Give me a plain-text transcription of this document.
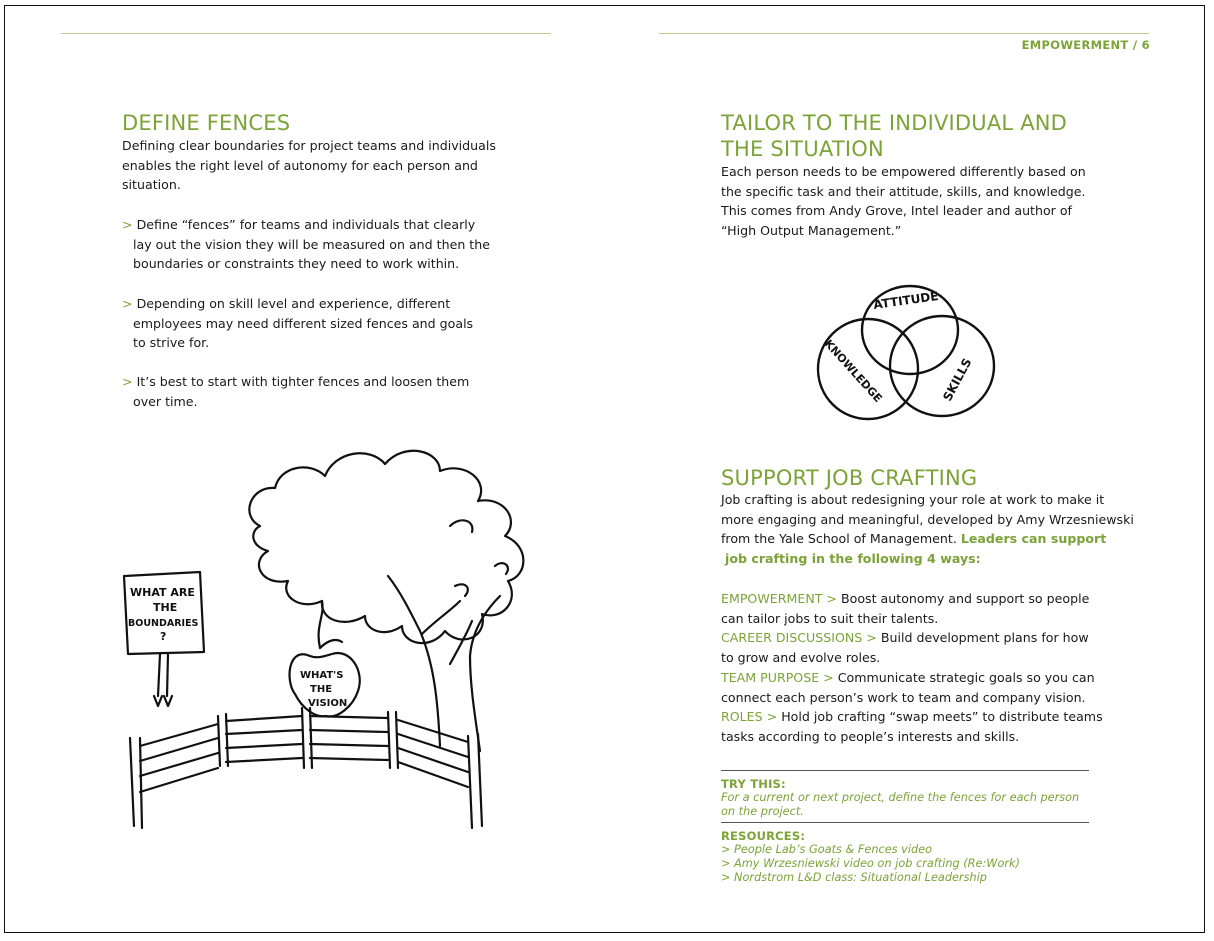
DEFINE FENCES

Defining clear boundaries for project teams and individuals

enables the right level of autonomy for each person and

situation.

> Define “fences” for teams and individuals that clearly

lay out the vision they will be measured on and then the

boundaries or constraints they need to work within.

> Depending on skill level and experience, different

employees may need different sized fences and goals

to strive for.

> It’s best to start with tighter fences and loosen them

over time.

WHAT ARE
THE
BOUNDARIES
?
WHAT'S
THE
VISION
EMPOWERMENT / 6
TAILOR TO THE INDIVIDUAL AND
THE SITUATION

Each person needs to be empowered differently based on

the specific task and their attitude, skills, and knowledge.

This comes from Andy Grove, Intel leader and author of

“High Output Management.”

ATTITUDE
KNOWLEDGE	SKILLS
SUPPORT JOB CRAFTING

Job crafting is about redesigning your role at work to make it

more engaging and meaningful, developed by Amy Wrzesniewski

from the Yale School of Management. Leaders can support

job crafting in the following 4 ways:

EMPOWERMENT > Boost autonomy and support so people

can tailor jobs to suit their talents.

CAREER DISCUSSIONS > Build development plans for how

to grow and evolve roles.

TEAM PURPOSE > Communicate strategic goals so you can

connect each person’s work to team and company vision.

ROLES > Hold job crafting “swap meets” to distribute teams

tasks according to people’s interests and skills.

TRY THIS:
For a current or next project, define the fences for each person
on the project.
RESOURCES:
> People Lab’s Goats & Fences video
> Amy Wrzesniewski video on job crafting (Re:Work)
> Nordstrom L&D class: Situational Leadership
